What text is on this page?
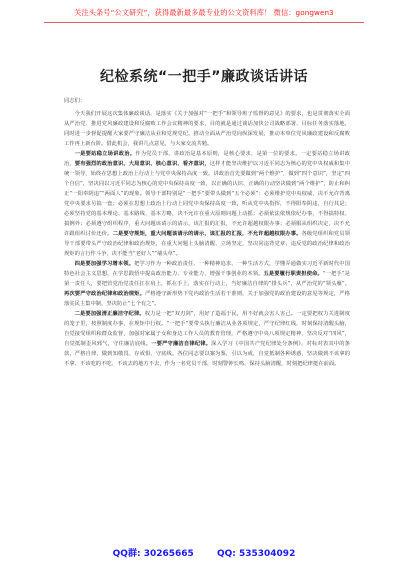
关注头条号“公文研究”，获得最新最多最专业的公文资料库！ 微信：gongwen3
纪检系统“一把手”廉政谈话讲话

同志们：

今天我们开展这次集体廉政谈话，是落实《关于加强对“一把手”和领导班子监督的意见》的要求，也是贯彻落实全面从严治党、推进党风廉政建设和反腐败工作会议精神的要求，目的就是通过谈话加快公司战略部署、目标任务落实落地，同时进一步督促提醒大家要严守廉洁从业和党规党纪，推动全面从严治党向纵深发展，推动本单位党风廉政建设和反腐败工作再上新台阶。借此机会，我讲几点意见，与大家交流共勉。

一是要站稳立场讲政治。作为党员干部，讲政治是基本原则，是核心要求，是第一位的要求。一定要站稳立场讲政治，要有强烈的政治意识、大局意识、核心意识、看齐意识，这样才能坚决维护以习近平同志为核心的党中央权威和集中统一领导，始终在思想上政治上行动上与党中央保持高度一致。讲政治首先要做到“两个维护”，做到“四个意识”，坚定“四个自信”，坚决同以习近平同志为核心的党中央保持高度一致，以正确的认识、正确的行动坚决做到“两个维护”，防止和纠正“一阳奉阴违”“两面人”的现象。领导干部特别是“一把手”要带头做到“五个必须”：必须维护党中央权威，决不允许背离党中央要求另搞一套；必须在思想上政治上行动上同党中央保持高度一致，听从党中央指挥，不得阳奉阴违，自行其是；必须坚持党的基本理论、基本路线、基本方略，决不允许在重大原则问题上动摇；必须依法依规依纪办事，不得搞特权、搞例外；必须遵守组织程序，重大问题该请示的请示，该汇报的汇报，不允许超越权限办事；必须服从组织决定，决不允许跟组织讨价还价。二是要守规矩，重大问题该请示的请示，该汇报的汇报，不允许超越权限办事。各级党组织和党员领导干部要带头严守政治纪律和政治规矩，在重大问题上头脑清醒、立场坚定，坚决同违背党章、违反党的政治纪律和政治规矩的言行作斗争，决不能当“老好人”“墙头草”。

四是要加强学习增本领。把学习作为一种政治责任、一种精神追求、一种生活方式，学懂弄通做实习近平新时代中国特色社会主义思想，在学思践悟中提高政治能力、专业能力，增强干事创业的本领。五是要履行职责担使命。“一把手”是第一责任人，要把管党治党责任扛在肩上，抓在手上，落实在行动上，当好廉洁自律的“排头兵”、从严治党的“领头雁”。再次要严守政治纪律和政治规矩。严格遵守新形势下党内政治生活若干准则，关于加强党的政治建设的意见等规定，严格落实民主集中制，坚决防止“七个有之”。

二是要加强清正廉洁守纪律。权力是一把“双刃剑”，用好了造福于民，用不好就会害人害己。一定要把权力关进制度的笼子里，按照制度办事，在规矩中行权。“一把手”要带头执行廉洁从业各项规定，严守纪律红线，时刻保持清醒头脑，自觉接受组织和群众监督，加强对家属子女和身边工作人员的教育管理，严格遵守中央八项规定精神，坚决反对“四风”，自觉抵制歪风邪气，守住廉洁底线。一要严守廉洁自律纪律。深入学习《中国共产党纪律处分条例》，对标对表其中的条款，严格自律，做到知敬畏、存戒惧、守底线。各位同志要以案为鉴，引以为戒，自觉抵制各种诱惑，坚决做到不该拿的不拿、不该吃的不吃、不该去的地方不去，作为一名党员干部，时刻警钟长鸣，保持头脑清醒，时刻把纪律挺在前面。

QQ群: 30265665	QQ: 535304092
